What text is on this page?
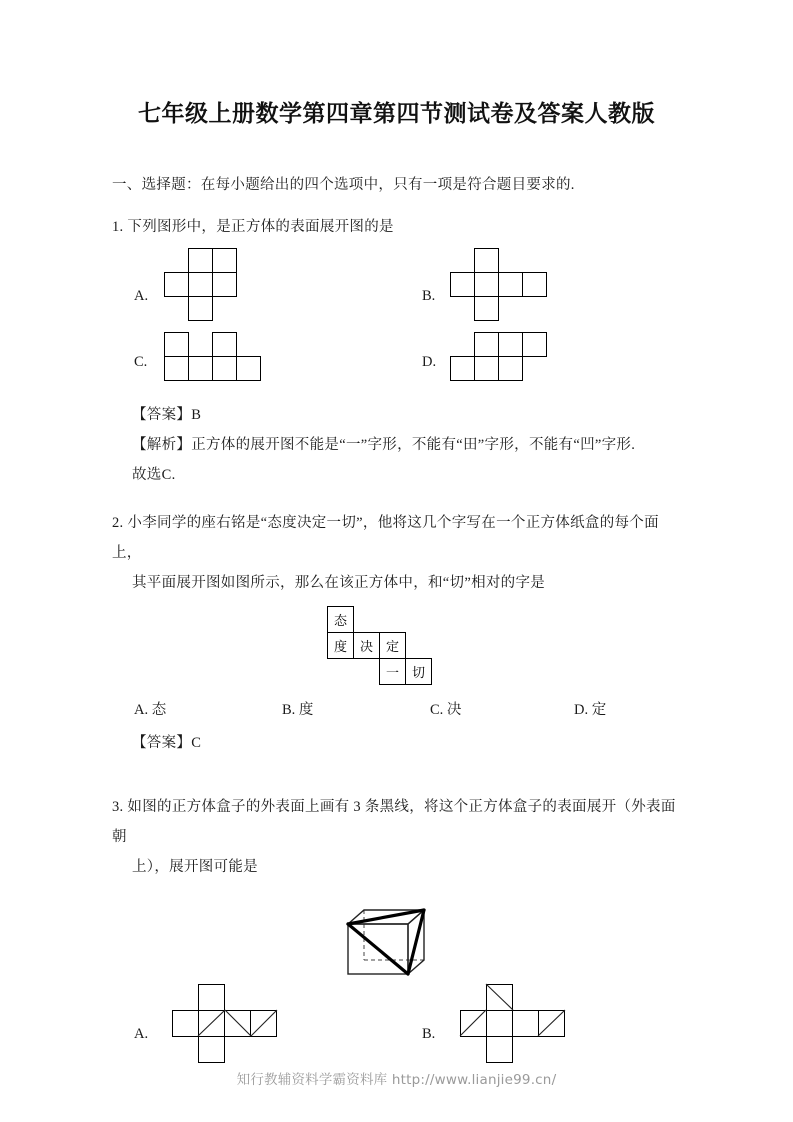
七年级上册数学第四章第四节测试卷及答案人教版
一、选择题：在每小题给出的四个选项中，只有一项是符合题目要求的.
1. 下列图形中，是正方体的表面展开图的是
A.	B.
C.	D.
【答案】B
【解析】正方体的展开图不能是“一”字形，不能有“田”字形，不能有“凹”字形.
故选C.
2. 小李同学的座右铭是“态度决定一切”，他将这几个字写在一个正方体纸盒的每个面上，
其平面展开图如图所示，那么在该正方体中，和“切”相对的字是
态
度 决 定
一 切
A. 态	B. 度	C. 决	D. 定
【答案】C
3. 如图的正方体盒子的外表面上画有 3 条黑线，将这个正方体盒子的表面展开（外表面朝
上），展开图可能是
A.	B.
知行教辅资料学霸资料库 http://www.lianjie99.cn/
